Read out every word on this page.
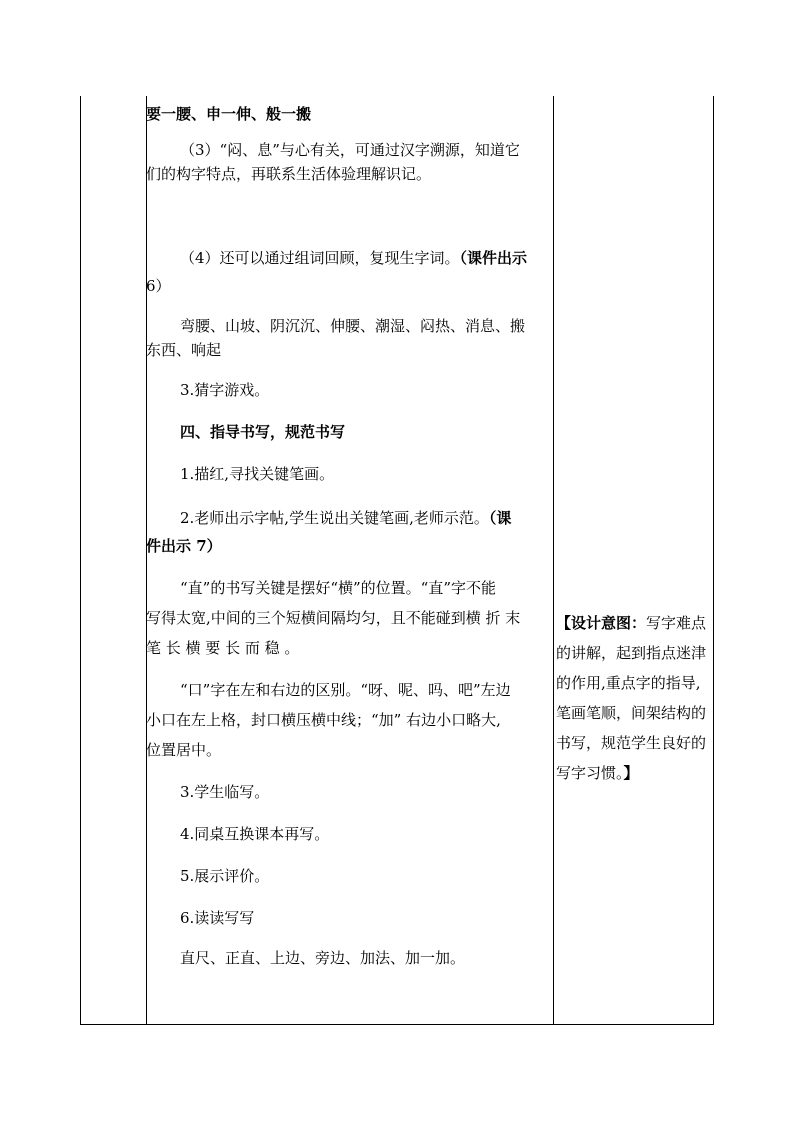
要一腰、申一伸、般一搬

（3）“闷、息”与心有关，可通过汉字溯源，知道它

们的构字特点，再联系生活体验理解识记。

（4）还可以通过组词回顾，复现生字词。（课件出示

6）

弯腰、山坡、阴沉沉、伸腰、潮湿、闷热、消息、搬

东西、响起

3.猜字游戏。

四、指导书写，规范书写

1.描红,寻找关键笔画。

2.老师出示字帖,学生说出关键笔画,老师示范。（课

件出示 7）

“直”的书写关键是摆好“横”的位置。“直”字不能

写得太宽,中间的三个短横间隔均匀，且不能碰到横 折 末

笔 长 横 要 长 而 稳 。

“口”字在左和右边的区别。“呀、呢、吗、吧”左边

小口在左上格，封口横压横中线；“加” 右边小口略大,

位置居中。

3.学生临写。

4.同桌互换课本再写。

5.展示评价。

6.读读写写

直尺、正直、上边、旁边、加法、加一加。

【设计意图：写字难点

的讲解，起到指点迷津

的作用,重点字的指导,

笔画笔顺，间架结构的

书写，规范学生良好的

写字习惯。】
